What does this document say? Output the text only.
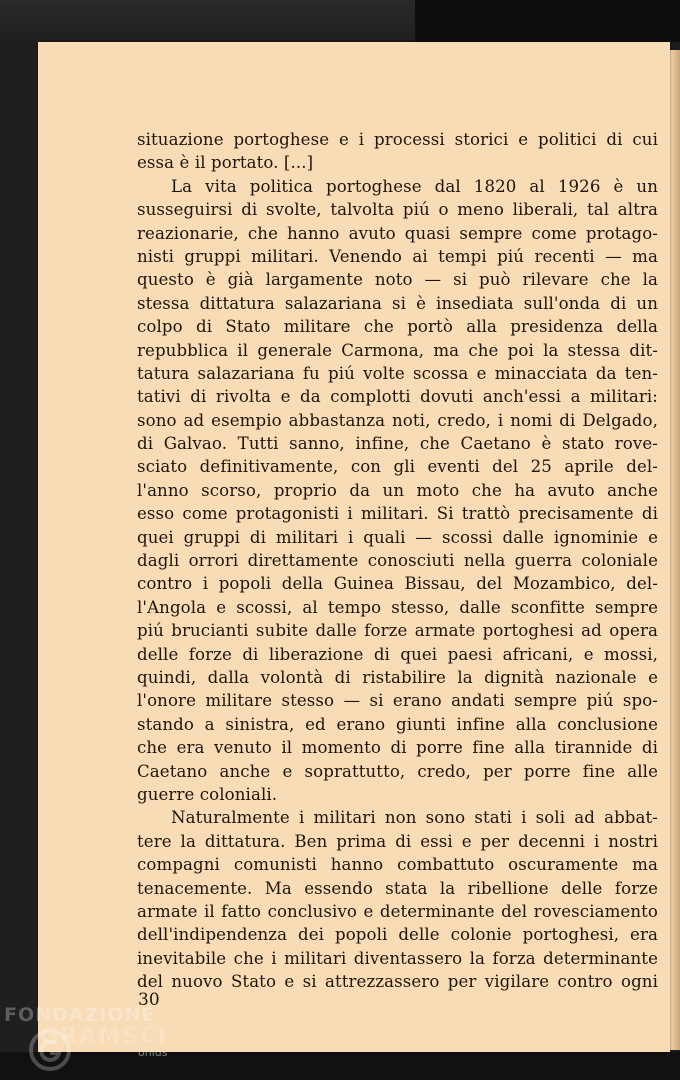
situazione portoghese e i processi storici e politici di cui
essa è il portato. [...]
La vita politica portoghese dal 1820 al 1926 è un
susseguirsi di svolte, talvolta piú o meno liberali, tal altra
reazionarie, che hanno avuto quasi sempre come protago-
nisti gruppi militari. Venendo ai tempi piú recenti — ma
questo è già largamente noto — si può rilevare che la
stessa dittatura salazariana si è insediata sull'onda di un
colpo di Stato militare che portò alla presidenza della
repubblica il generale Carmona, ma che poi la stessa dit-
tatura salazariana fu piú volte scossa e minacciata da ten-
tativi di rivolta e da complotti dovuti anch'essi a militari:
sono ad esempio abbastanza noti, credo, i nomi di Delgado,
di Galvao. Tutti sanno, infine, che Caetano è stato rove-
sciato definitivamente, con gli eventi del 25 aprile del-
l'anno scorso, proprio da un moto che ha avuto anche
esso come protagonisti i militari. Si trattò precisamente di
quei gruppi di militari i quali — scossi dalle ignominie e
dagli orrori direttamente conosciuti nella guerra coloniale
contro i popoli della Guinea Bissau, del Mozambico, del-
l'Angola e scossi, al tempo stesso, dalle sconfitte sempre
piú brucianti subite dalle forze armate portoghesi ad opera
delle forze di liberazione di quei paesi africani, e mossi,
quindi, dalla volontà di ristabilire la dignità nazionale e
l'onore militare stesso — si erano andati sempre piú spo-
stando a sinistra, ed erano giunti infine alla conclusione
che era venuto il momento di porre fine alla tirannide di
Caetano anche e soprattutto, credo, per porre fine alle
guerre coloniali.
Naturalmente i militari non sono stati i soli ad abbat-
tere la dittatura. Ben prima di essi e per decenni i nostri
compagni comunisti hanno combattuto oscuramente ma
tenacemente. Ma essendo stata la ribellione delle forze
armate il fatto conclusivo e determinante del rovesciamento
dell'indipendenza dei popoli delle colonie portoghesi, era
inevitabile che i militari diventassero la forza determinante
del nuovo Stato e si attrezzassero per vigilare contro ogni
30
FONDAZIONE
GRAMSCI
onlus
